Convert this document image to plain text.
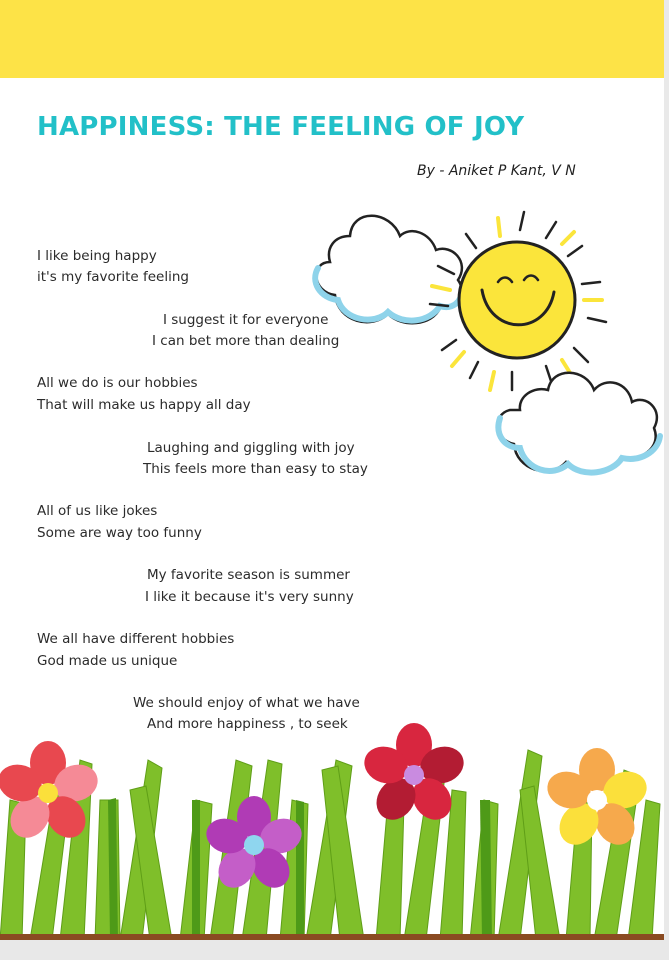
HAPPINESS: THE FEELING OF JOY
By - Aniket P Kant, V N
I like being happy
it's my favorite feeling
I suggest it for everyone
I can bet more than dealing
All we do is our hobbies
That will make us happy all day
Laughing and giggling with joy
This feels more than easy to stay
All of us like jokes
Some are way too funny
My favorite season is summer
I like it because it's very sunny
We all have different hobbies
God made us unique
We should enjoy of what we have
And more happiness , to seek
